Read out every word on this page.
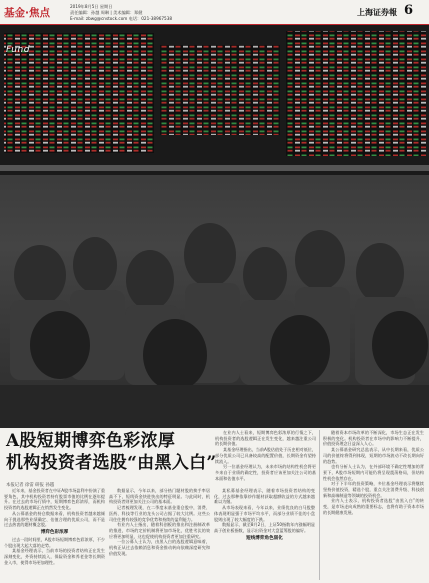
基金·焦点
2019年8月5日 星期日
责任编辑：孙越 周琳 | 美术编辑：郑健
E-mail: zbwg@cnstock.com 电话：021-38967538
上海证券報 6
Fund
A股短期博弈色彩浓厚
机构投资者选股“由黑入白”
本报记者 徐雷 研报 孙越

近年来，基金投资者在中证A股市场盈利中扮演了重要角色，其中机构投资者持有股票市值的比例在逐年提升。在过去的市场行情中，短期博弈色彩浓厚，而机构投资者的选股逻辑正在悄然发生变化。

从公募基金的持仓数据来看，机构投资者越来越倾向于挑选那些业绩确定、估值合理的优质公司，而不是过去热衷的题材概念股。

博弈色彩浓厚

过去一段时间里，A股市场短期博弈色彩浓厚，不少个股出现大起大落的走势。

某基金经理表示，当前市场的投资者结构正在发生深刻变化，外资持续流入，保险资金和养老金等长期资金入市，使得市场更加理性。

数据显示，今年以来，部分热门题材股的换手率居高不下，短线资金快进快出的特征明显。与此同时，机构投资者则更加关注公司的基本面。

记者梳理发现，在二季度末基金重仓股中，消费、医药、科技等行业的龙头公司占据了较大比例。这些公司往往拥有较强的竞争优势和持续的盈利能力。

有业内人士指出，随着科创板的推出和注册制改革的推进，市场的定价机制将更加市场化，优胜劣汰的效应将更加明显，这也促使机构投资者更加注重研究。

一位公募人士认为，由黑入白的选股逻辑意味着，机构正从过去依赖消息和资金推动转向依赖深度研究和价值发现。

某私募基金经理表示，随着市场投资者结构的变化，过去那种依靠炒作题材获取超额收益的方式越来越难以为继。

从市场表现来看，今年以来，业绩优良的白马股整体表现明显强于市场平均水平，而部分业绩不佳的小盘股则出现了较大幅度的下跌。

数据显示，截至8月2日，上证50指数年内涨幅明显高于创业板指数，显示出资金对大盘蓝筹股的偏好。

短线博弈角色弱化

在业内人士看来，短期博弈色彩浓厚的行情之下，机构投资者的选股逻辑正在发生变化，越来越注重公司的长期价值。

某基金经理指出，当前A股估值处于历史相对低位，部分优质公司已具备较高的配置价值，长期资金有望持续流入。

另一位基金经理认为，未来市场的结构性机会将更多来自于业绩的确定性，投资者应该更加关注公司的基本面和估值水平。

随着资本市场改革的不断深化，市场生态正在发生积极的变化。机构投资者在市场中的影响力不断提升，价值投资理念日益深入人心。

某公募基金研究总监表示，从中长期来看，优质公司的价值终将得到体现，短期的市场波动不改长期向好的趋势。

也有分析人士认为，在外部环境不确定性增加的背景下，A股市场短期内可能仍将呈现震荡格局，但结构性机会依然存在。

对于下半年的投资策略，多位基金经理表示将继续坚持价值投资，精选个股，重点关注消费升级、科技创新和高端制造等领域的投资机会。

业内人士表示，机构投资者选股“由黑入白”的转变，是市场走向成熟的重要标志，也将有助于资本市场的长期健康发展。
